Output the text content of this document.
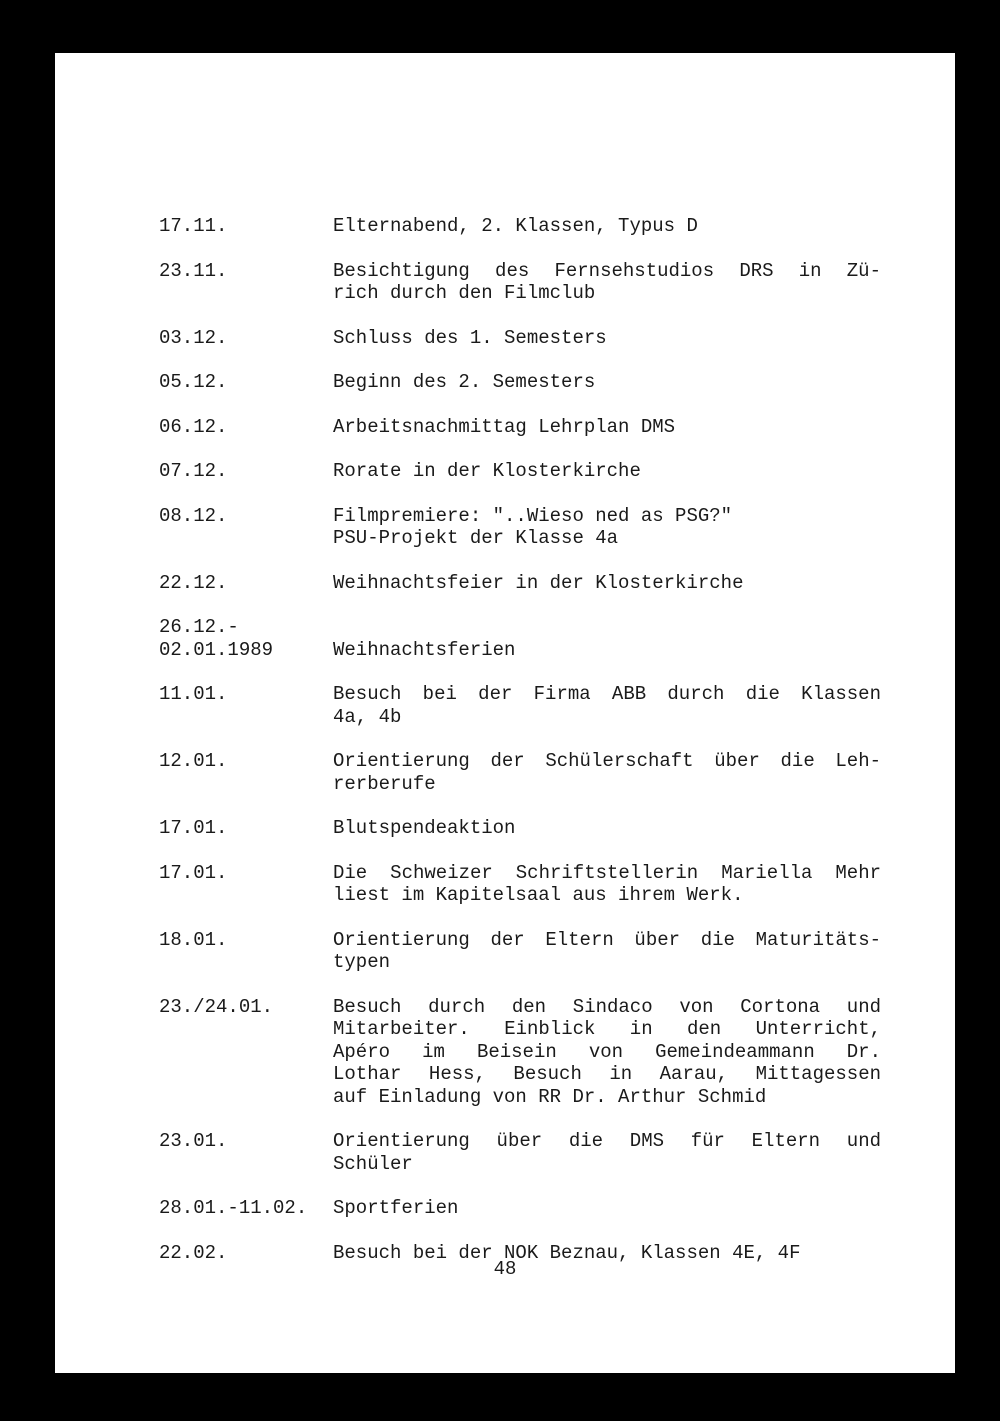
17.11.	Elternabend, 2. Klassen, Typus D
23.11.	Besichtigung des Fernsehstudios DRS in Zü-
rich durch den Filmclub
03.12.	Schluss des 1. Semesters
05.12.	Beginn des 2. Semesters
06.12.	Arbeitsnachmittag Lehrplan DMS
07.12.	Rorate in der Klosterkirche
08.12.	Filmpremiere: "..Wieso ned as PSG?"
PSU-Projekt der Klasse 4a
22.12.	Weihnachtsfeier in der Klosterkirche
26.12.-
02.01.1989
	Weihnachtsferien
11.01.	Besuch bei der Firma ABB durch die Klassen
4a, 4b
12.01.	Orientierung der Schülerschaft über die Leh-
rerberufe
17.01.	Blutspendeaktion
17.01.	Die Schweizer Schriftstellerin Mariella Mehr
liest im Kapitelsaal aus ihrem Werk.
18.01.	Orientierung der Eltern über die Maturitäts-
typen
23./24.01.	Besuch durch den Sindaco von Cortona und
Mitarbeiter. Einblick in den Unterricht,
Apéro im Beisein von Gemeindeammann Dr.
Lothar Hess, Besuch in Aarau, Mittagessen
auf Einladung von RR Dr. Arthur Schmid
23.01.	Orientierung über die DMS für Eltern und
Schüler
28.01.-11.02.	Sportferien
22.02.	Besuch bei der NOK Beznau, Klassen 4E, 4F
48
